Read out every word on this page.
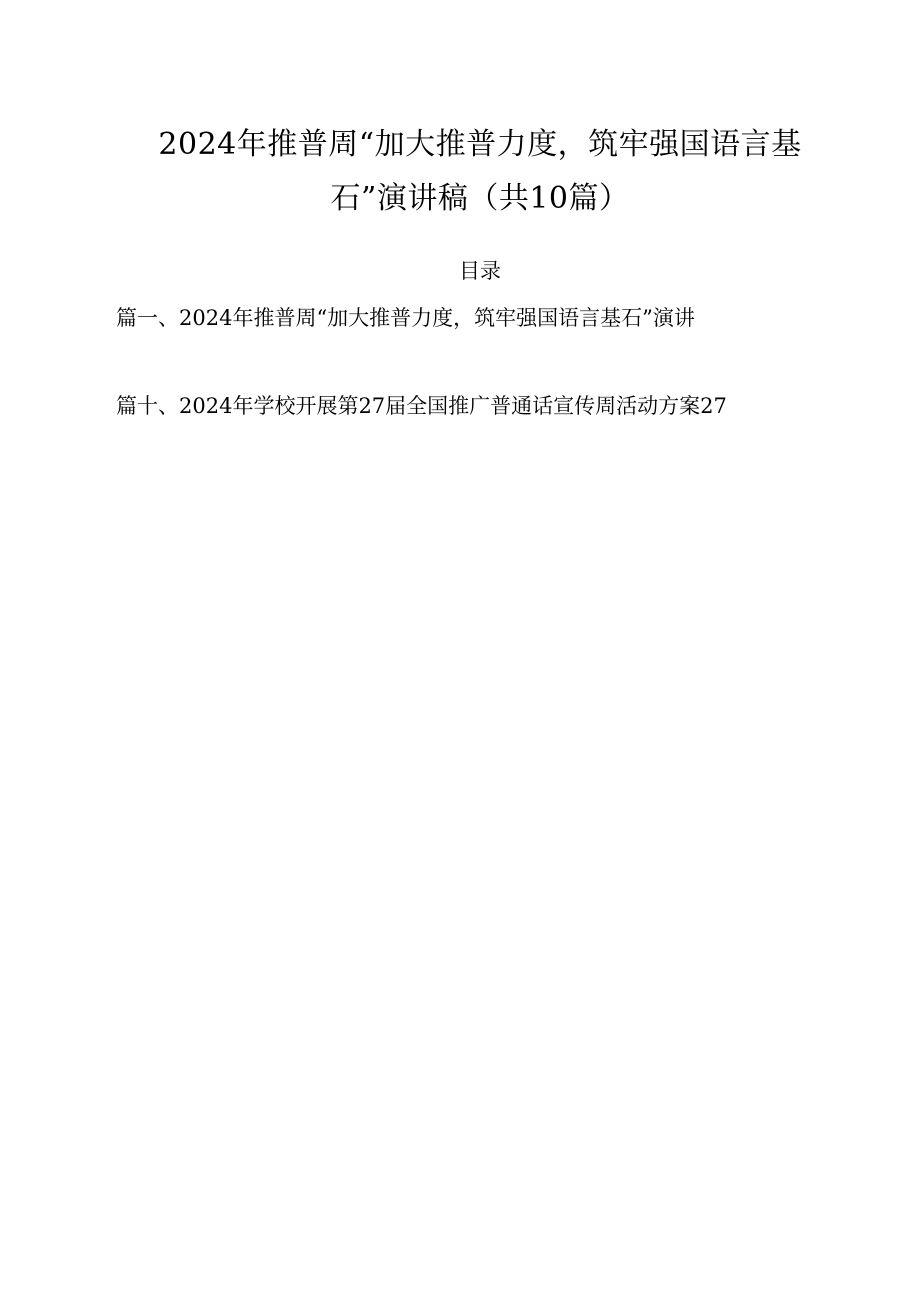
2024年推普周“加大推普力度，筑牢强国语言基
石”演讲稿（共10篇）
目录
篇一、2024年推普周“加大推普力度，筑牢强国语言基石”演讲
篇十、2024年学校开展第27届全国推广普通话宣传周活动方案27
